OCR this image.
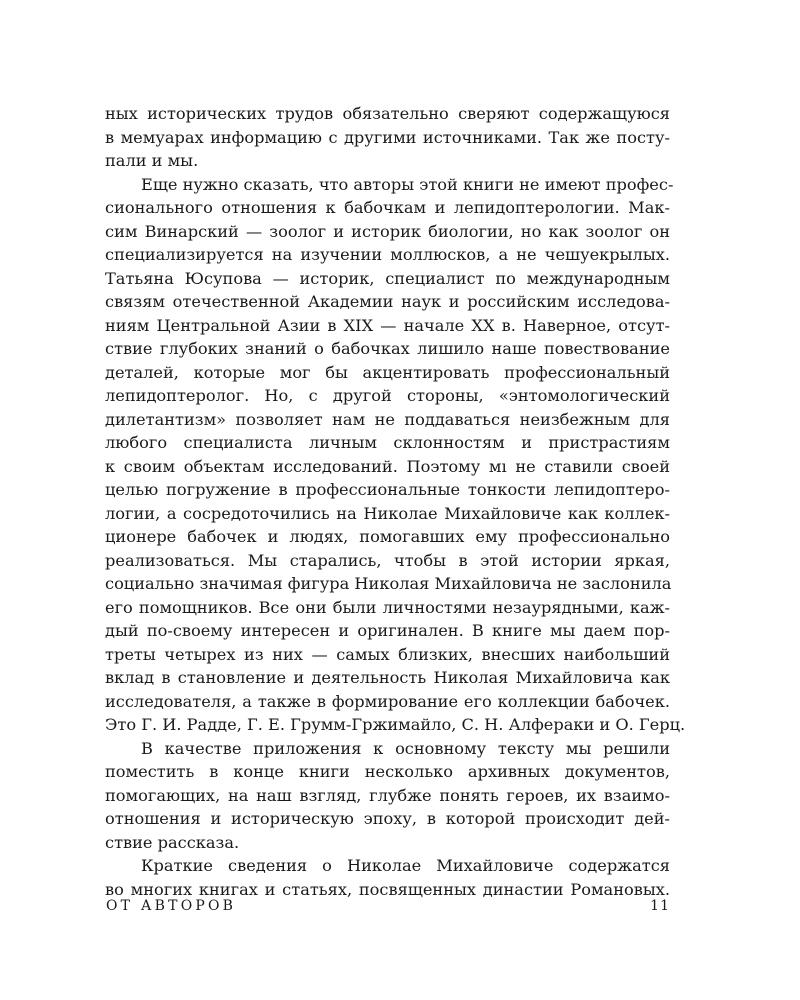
ных исторических трудов обязательно сверяют содержащуюся
в мемуарах информацию с другими источниками. Так же посту-
пали и мы.
Еще нужно сказать, что авторы этой книги не имеют профес-
сионального отношения к бабочкам и лепидоптерологии. Мак-
сим Винарский — зоолог и историк биологии, но как зоолог он
специализируется на изучении моллюсков, а не чешуекрылых.
Татьяна Юсупова — историк, специалист по международным
связям отечественной Академии наук и российским исследова-
ниям Центральной Азии в XIX — начале XX в. Наверное, отсут-
ствие глубоких знаний о бабочках лишило наше повествование
деталей, которые мог бы акцентировать профессиональный
лепидоптеролог. Но, с другой стороны, «энтомологический
дилетантизм» позволяет нам не поддаваться неизбежным для
любого специалиста личным склонностям и пристрастиям
к своим объектам исследований. Поэтому мı не ставили своей
целью погружение в профессиональные тонкости лепидоптеро-
логии, а сосредоточились на Николае Михайловиче как коллек-
ционере бабочек и людях, помогавших ему профессионально
реализоваться. Мы старались, чтобы в этой истории яркая,
социально значимая фигура Николая Михайловича не заслонила
его помощников. Все они были личностями незаурядными, каж-
дый по-своему интересен и оригинален. В книге мы даем пор-
треты четырех из них — самых близких, внесших наибольший
вклад в становление и деятельность Николая Михайловича как
исследователя, а также в формирование его коллекции бабочек.
Это Г. И. Радде, Г. Е. Грумм-Гржимайло, С. Н. Алфераки и О. Герц.
В качестве приложения к основному тексту мы решили
поместить в конце книги несколько архивных документов,
помогающих, на наш взгляд, глубже понять героев, их взаимо-
отношения и историческую эпоху, в которой происходит дей-
ствие рассказа.
Краткие сведения о Николае Михайловиче содержатся
во многих книгах и статьях, посвященных династии Романовых.
ОТ АВТОРОВ	11
